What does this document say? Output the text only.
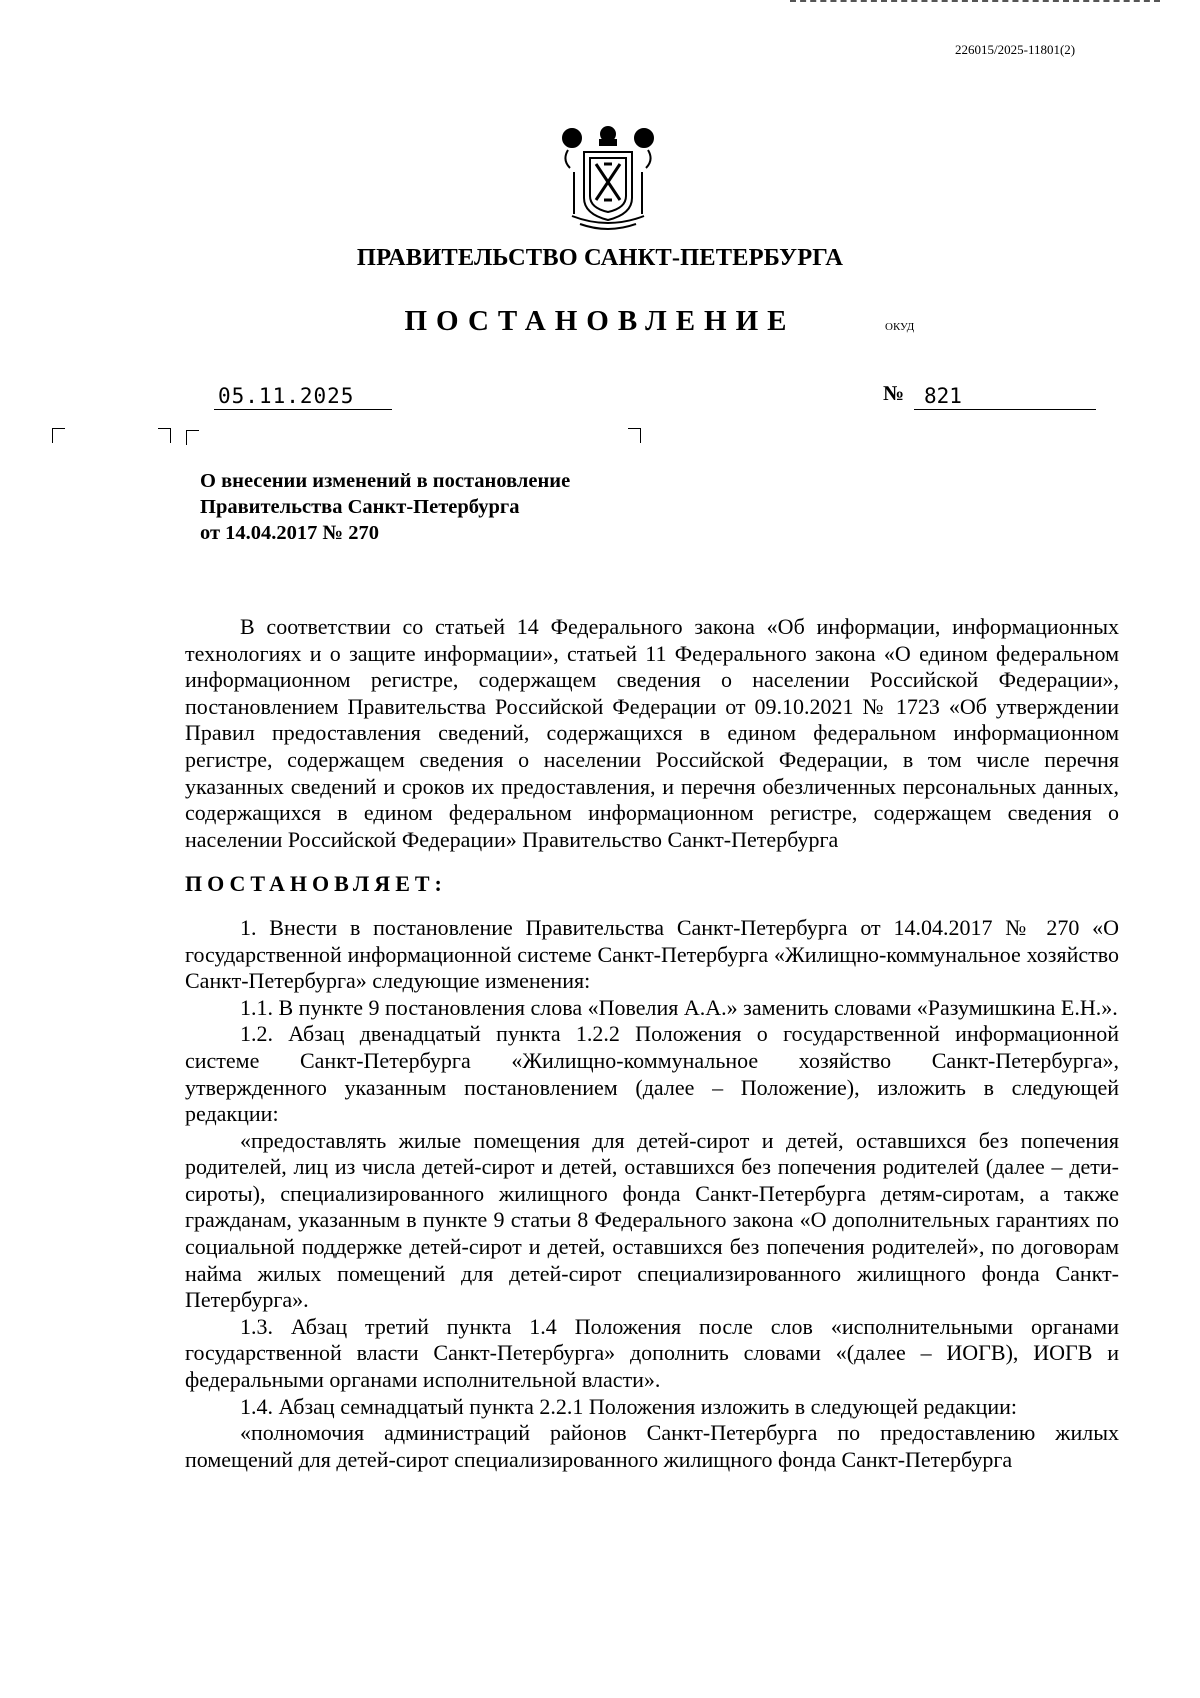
226015/2025-11801(2)
ПРАВИТЕЛЬСТВО САНКТ-ПЕТЕРБУРГА
ПОСТАНОВЛЕНИЕ	ОКУД
05.11.2025	№ 821
О внесении изменений в постановление
Правительства Санкт-Петербурга
от 14.04.2017 № 270

В соответствии со статьей 14 Федерального закона «Об информации, информационных технологиях и о защите информации», статьей 11 Федерального закона «О едином федеральном информационном регистре, содержащем сведения о населении Российской Федерации», постановлением Правительства Российской Федерации от 09.10.2021 № 1723 «Об утверждении Правил предоставления сведений, содержащихся в едином федеральном информационном регистре, содержащем сведения о населении Российской Федерации, в том числе перечня указанных сведений и сроков их предоставления, и перечня обезличенных персональных данных, содержащихся в едином федеральном информационном регистре, содержащем сведения о населении Российской Федерации» Правительство Санкт-Петербурга

ПОСТАНОВЛЯЕТ:

1. Внести в постановление Правительства Санкт-Петербурга от 14.04.2017 № 270 «О государственной информационной системе Санкт-Петербурга «Жилищно-коммунальное хозяйство Санкт-Петербурга» следующие изменения:

1.1. В пункте 9 постановления слова «Повелия А.А.» заменить словами «Разумишкина Е.Н.».

1.2. Абзац двенадцатый пункта 1.2.2 Положения о государственной информационной системе Санкт-Петербурга «Жилищно-коммунальное хозяйство Санкт-Петербурга», утвержденного указанным постановлением (далее – Положение), изложить в следующей редакции:

«предоставлять жилые помещения для детей-сирот и детей, оставшихся без попечения родителей, лиц из числа детей-сирот и детей, оставшихся без попечения родителей (далее – дети-сироты), специализированного жилищного фонда Санкт-Петербурга детям-сиротам, а также гражданам, указанным в пункте 9 статьи 8 Федерального закона «О дополнительных гарантиях по социальной поддержке детей-сирот и детей, оставшихся без попечения родителей», по договорам найма жилых помещений для детей-сирот специализированного жилищного фонда Санкт-Петербурга».

1.3. Абзац третий пункта 1.4 Положения после слов «исполнительными органами государственной власти Санкт-Петербурга» дополнить словами «(далее – ИОГВ), ИОГВ и федеральными органами исполнительной власти».

1.4. Абзац семнадцатый пункта 2.2.1 Положения изложить в следующей редакции:

«полномочия администраций районов Санкт-Петербурга по предоставлению жилых помещений для детей-сирот специализированного жилищного фонда Санкт-Петербурга
